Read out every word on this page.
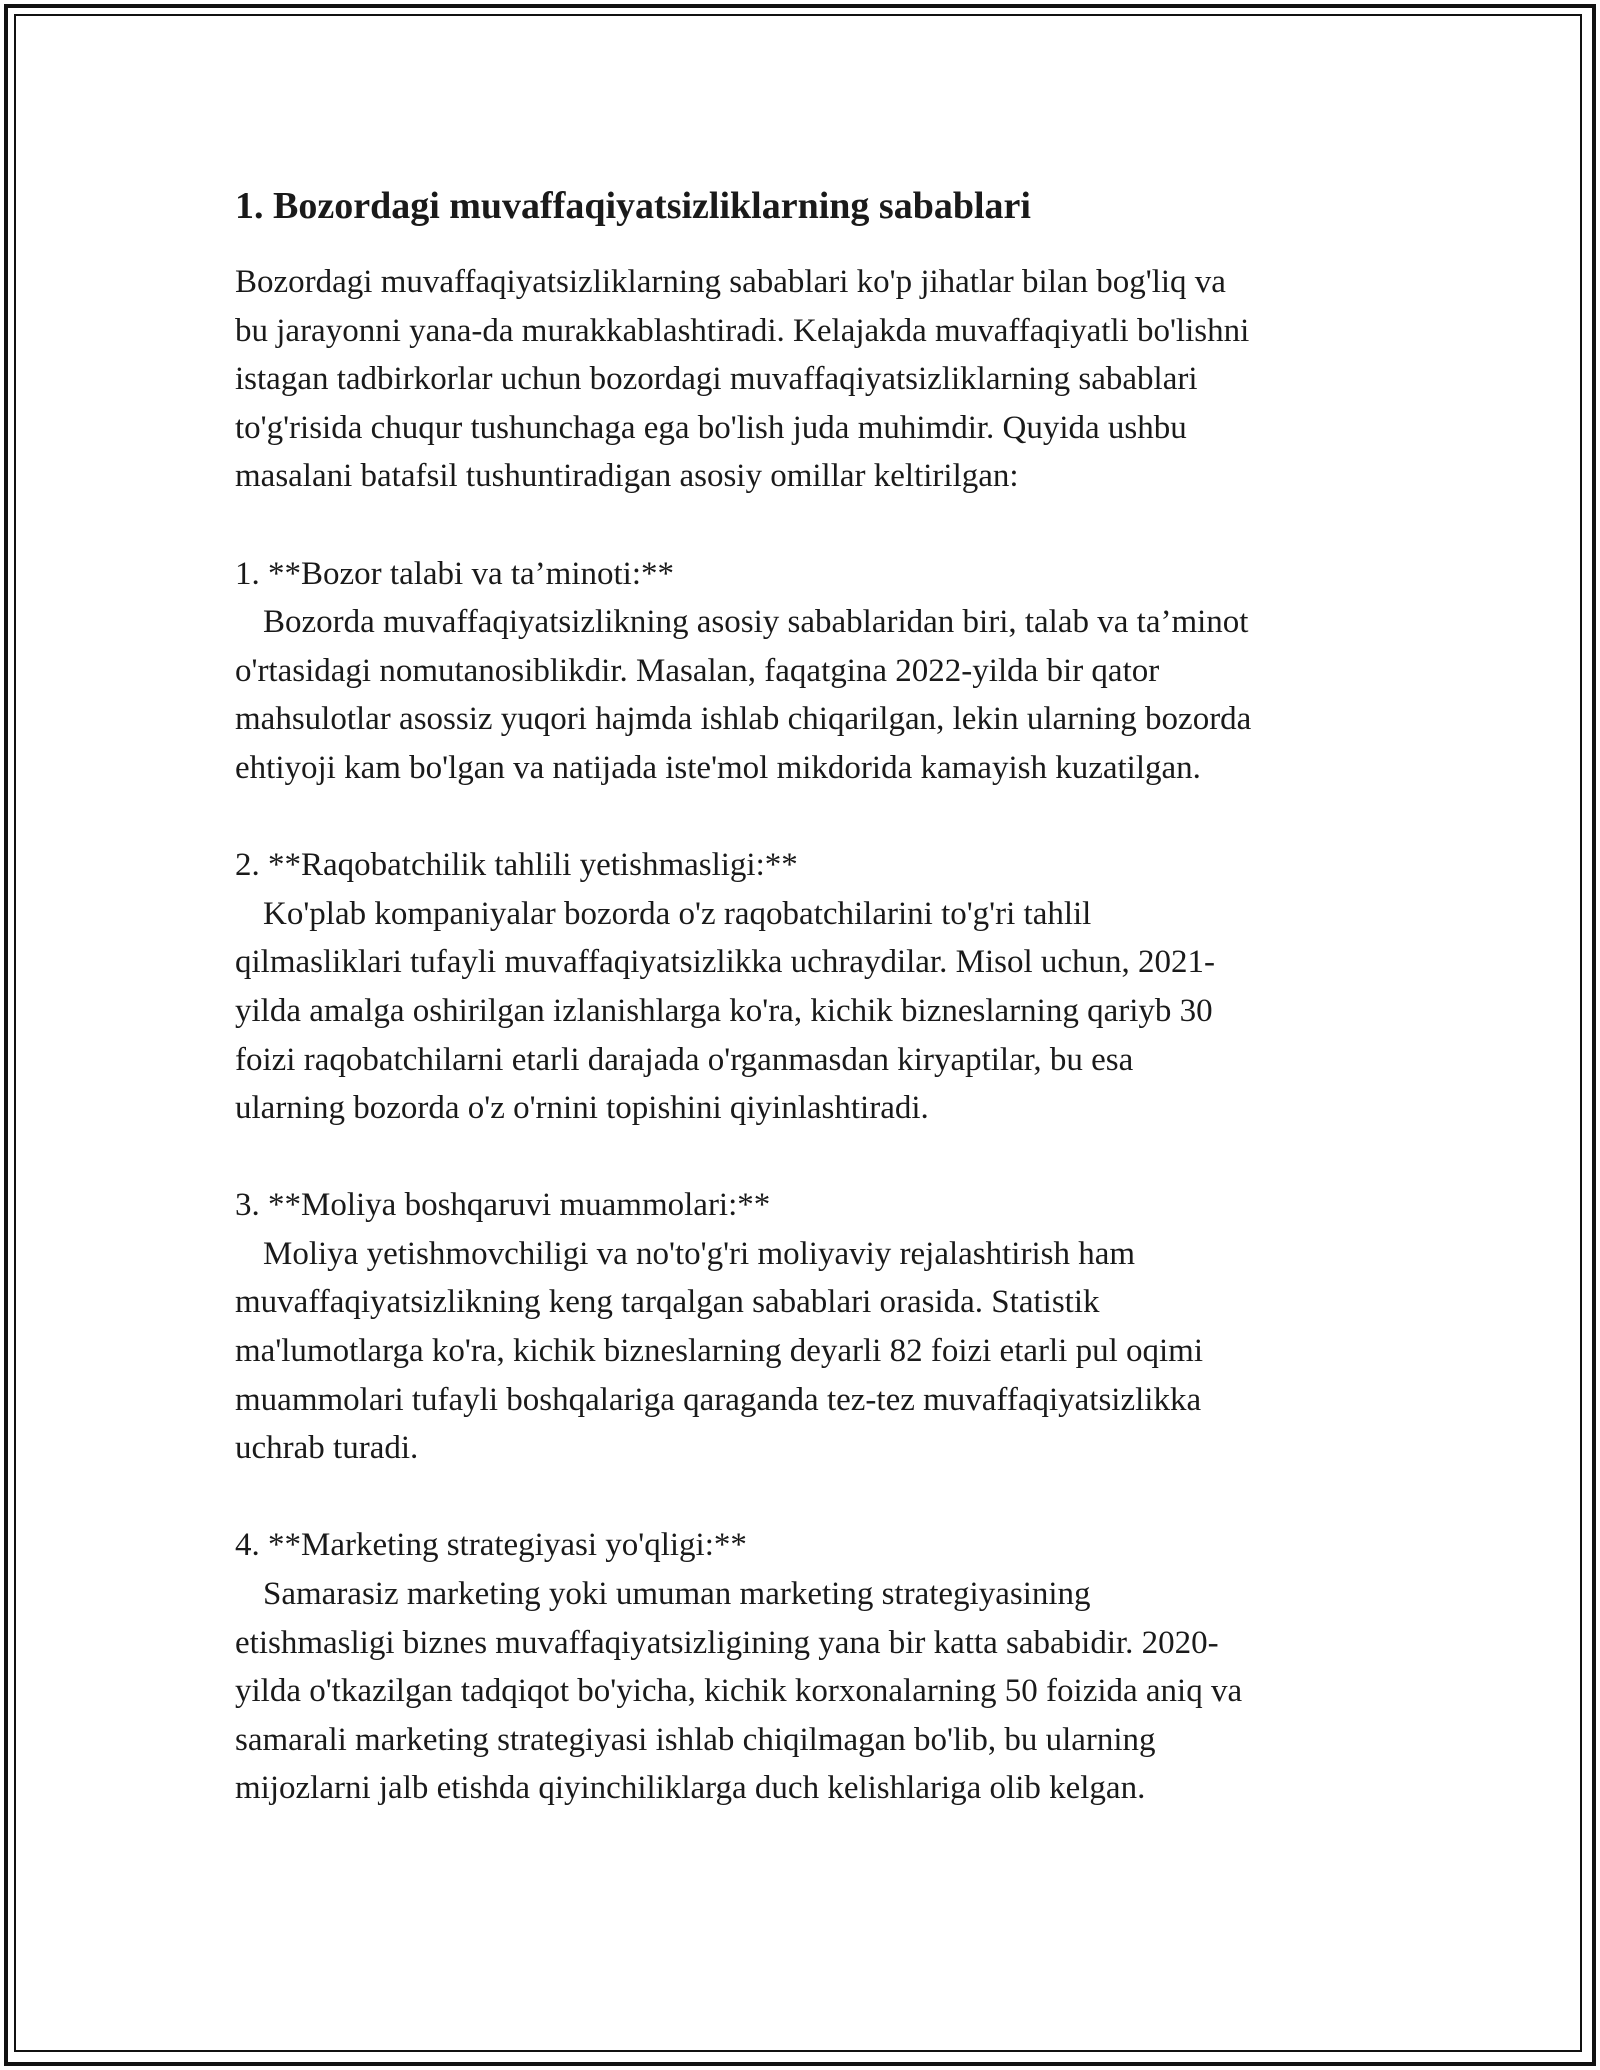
1. Bozordagi muvaffaqiyatsizliklarning sabablari
Bozordagi muvaffaqiyatsizliklarning sabablari ko'p jihatlar bilan bog'liq va
bu jarayonni yana-da murakkablashtiradi. Kelajakda muvaffaqiyatli bo'lishni
istagan tadbirkorlar uchun bozordagi muvaffaqiyatsizliklarning sabablari
to'g'risida chuqur tushunchaga ega bo'lish juda muhimdir. Quyida ushbu
masalani batafsil tushuntiradigan asosiy omillar keltirilgan:
1. **Bozor talabi va ta’minoti:**
Bozorda muvaffaqiyatsizlikning asosiy sabablaridan biri, talab va ta’minot
o'rtasidagi nomutanosiblikdir. Masalan, faqatgina 2022-yilda bir qator
mahsulotlar asossiz yuqori hajmda ishlab chiqarilgan, lekin ularning bozorda
ehtiyoji kam bo'lgan va natijada iste'mol mikdorida kamayish kuzatilgan.
2. **Raqobatchilik tahlili yetishmasligi:**
Ko'plab kompaniyalar bozorda o'z raqobatchilarini to'g'ri tahlil
qilmasliklari tufayli muvaffaqiyatsizlikka uchraydilar. Misol uchun, 2021-
yilda amalga oshirilgan izlanishlarga ko'ra, kichik bizneslarning qariyb 30
foizi raqobatchilarni etarli darajada o'rganmasdan kiryaptilar, bu esa
ularning bozorda o'z o'rnini topishini qiyinlashtiradi.
3. **Moliya boshqaruvi muammolari:**
Moliya yetishmovchiligi va no'to'g'ri moliyaviy rejalashtirish ham
muvaffaqiyatsizlikning keng tarqalgan sabablari orasida. Statistik
ma'lumotlarga ko'ra, kichik bizneslarning deyarli 82 foizi etarli pul oqimi
muammolari tufayli boshqalariga qaraganda tez-tez muvaffaqiyatsizlikka
uchrab turadi.
4. **Marketing strategiyasi yo'qligi:**
Samarasiz marketing yoki umuman marketing strategiyasining
etishmasligi biznes muvaffaqiyatsizligining yana bir katta sababidir. 2020-
yilda o'tkazilgan tadqiqot bo'yicha, kichik korxonalarning 50 foizida aniq va
samarali marketing strategiyasi ishlab chiqilmagan bo'lib, bu ularning
mijozlarni jalb etishda qiyinchiliklarga duch kelishlariga olib kelgan.
